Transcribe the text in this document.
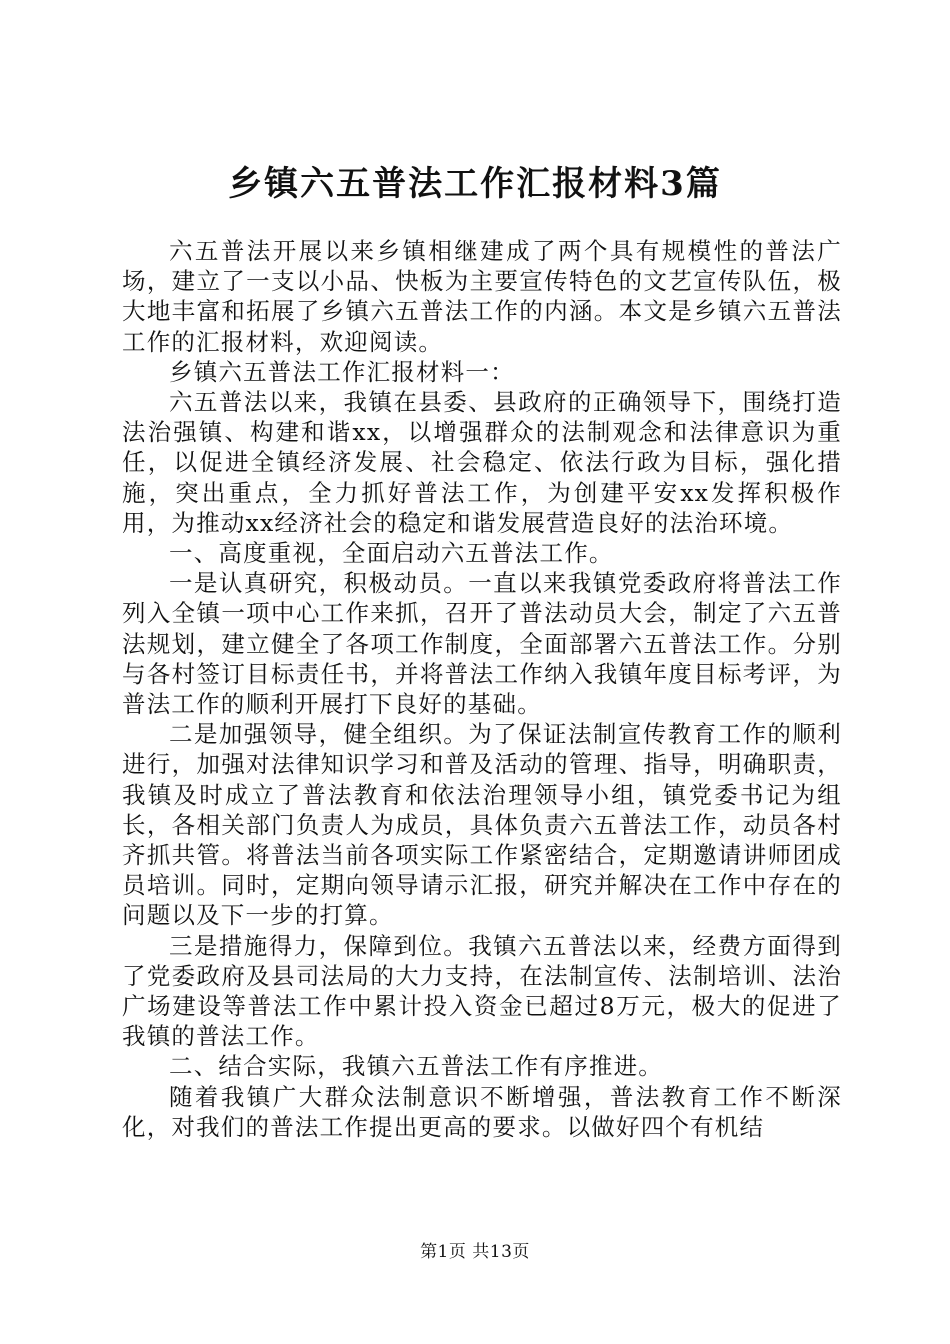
乡镇六五普法工作汇报材料3篇

六五普法开展以来乡镇相继建成了两个具有规模性的普法广场，建立了一支以小品、快板为主要宣传特色的文艺宣传队伍，极大地丰富和拓展了乡镇六五普法工作的内涵。本文是乡镇六五普法工作的汇报材料，欢迎阅读。

乡镇六五普法工作汇报材料一：

六五普法以来，我镇在县委、县政府的正确领导下，围绕打造法治强镇、构建和谐xx，以增强群众的法制观念和法律意识为重任，以促进全镇经济发展、社会稳定、依法行政为目标，强化措施，突出重点，全力抓好普法工作，为创建平安xx发挥积极作用，为推动xx经济社会的稳定和谐发展营造良好的法治环境。

一、高度重视，全面启动六五普法工作。

一是认真研究，积极动员。一直以来我镇党委政府将普法工作列入全镇一项中心工作来抓，召开了普法动员大会，制定了六五普法规划，建立健全了各项工作制度，全面部署六五普法工作。分别与各村签订目标责任书，并将普法工作纳入我镇年度目标考评，为普法工作的顺利开展打下良好的基础。

二是加强领导，健全组织。为了保证法制宣传教育工作的顺利进行，加强对法律知识学习和普及活动的管理、指导，明确职责，我镇及时成立了普法教育和依法治理领导小组，镇党委书记为组长，各相关部门负责人为成员，具体负责六五普法工作，动员各村齐抓共管。将普法当前各项实际工作紧密结合，定期邀请讲师团成员培训。同时，定期向领导请示汇报，研究并解决在工作中存在的问题以及下一步的打算。

三是措施得力，保障到位。我镇六五普法以来，经费方面得到了党委政府及县司法局的大力支持，在法制宣传、法制培训、法治广场建设等普法工作中累计投入资金已超过8万元，极大的促进了我镇的普法工作。

二、结合实际，我镇六五普法工作有序推进。

随着我镇广大群众法制意识不断增强，普法教育工作不断深化，对我们的普法工作提出更高的要求。以做好四个有机结

第1页 共13页
